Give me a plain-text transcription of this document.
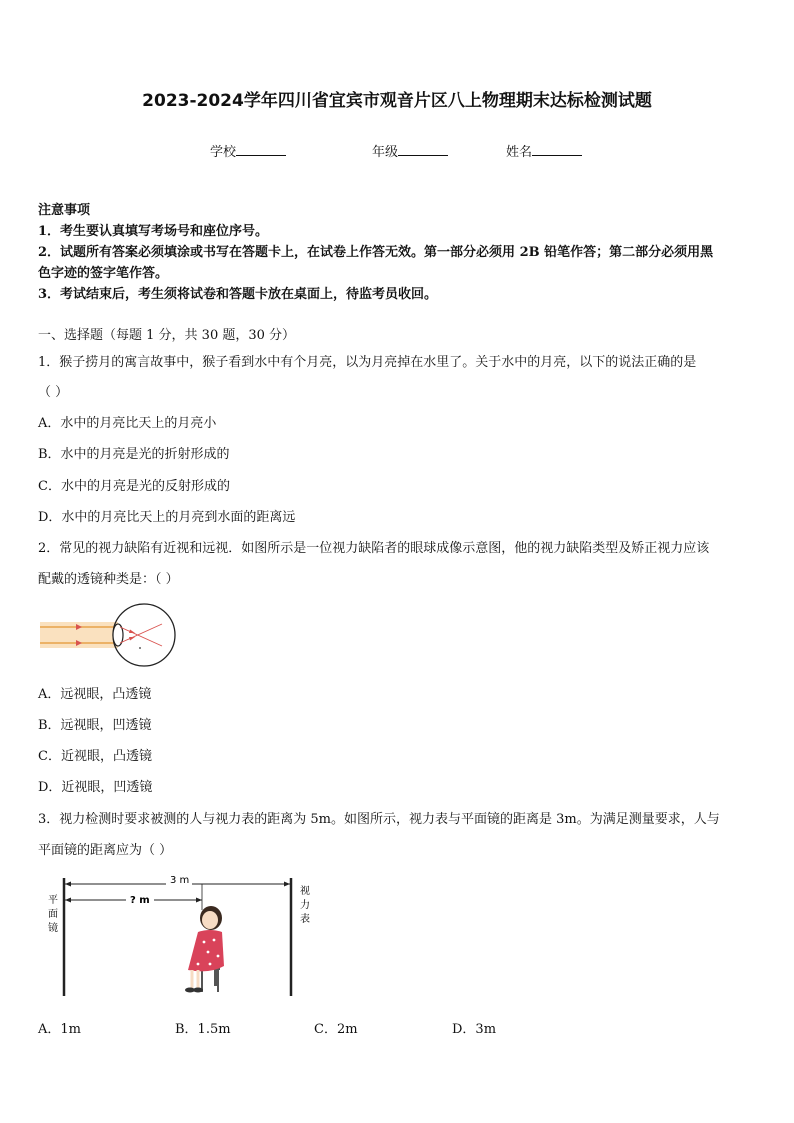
2023-2024学年四川省宜宾市观音片区八上物理期末达标检测试题
学校	年级	姓名
注意事项
1．考生要认真填写考场号和座位序号。
2．试题所有答案必须填涂或书写在答题卡上，在试卷上作答无效。第一部分必须用 2B 铅笔作答；第二部分必须用黑
色字迹的签字笔作答。
3．考试结束后，考生须将试卷和答题卡放在桌面上，待监考员收回。
一、选择题（每题 1 分，共 30 题，30 分）
1．猴子捞月的寓言故事中，猴子看到水中有个月亮，以为月亮掉在水里了。关于水中的月亮，以下的说法正确的是
（ ）
A．水中的月亮比天上的月亮小
B．水中的月亮是光的折射形成的
C．水中的月亮是光的反射形成的
D．水中的月亮比天上的月亮到水面的距离远
2．常见的视力缺陷有近视和远视．如图所示是一位视力缺陷者的眼球成像示意图，他的视力缺陷类型及矫正视力应该
配戴的透镜种类是：（ ）
A．远视眼，凸透镜
B．远视眼，凹透镜
C．近视眼，凸透镜
D．近视眼，凹透镜
3．视力检测时要求被测的人与视力表的距离为 5m。如图所示，视力表与平面镜的距离是 3m。为满足测量要求，人与
平面镜的距离应为（ ）
平
面
镜
视
力
表
3 m
? m
A．1m	B．1.5m	C．2m	D．3m
